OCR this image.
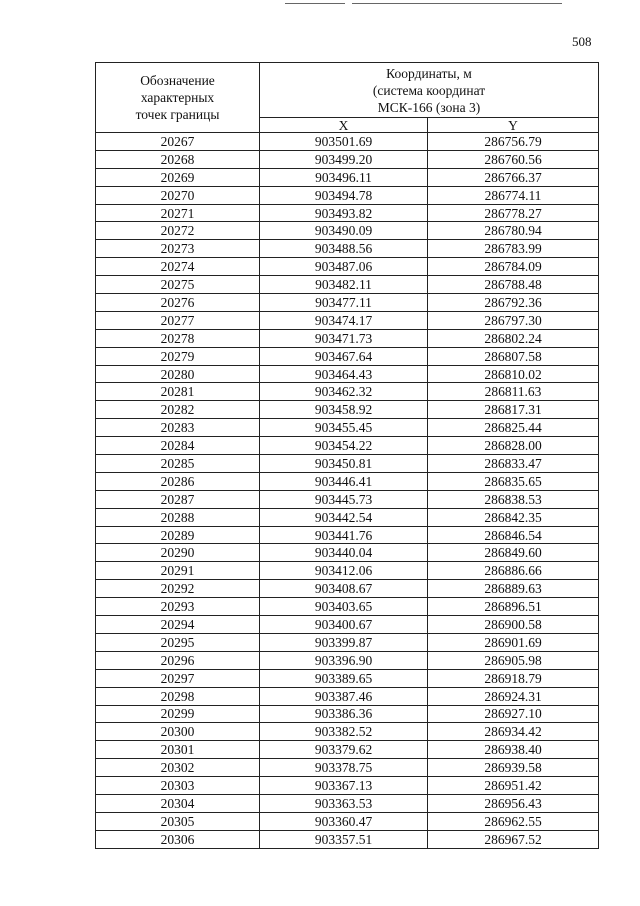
508
Обозначение
характерных
точек границы	Координаты, м
(система координат
МСК-166 (зона 3)	

	X	Y
20267	903501.69	286756.79
20268	903499.20	286760.56
20269	903496.11	286766.37
20270	903494.78	286774.11
20271	903493.82	286778.27
20272	903490.09	286780.94
20273	903488.56	286783.99
20274	903487.06	286784.09
20275	903482.11	286788.48
20276	903477.11	286792.36
20277	903474.17	286797.30
20278	903471.73	286802.24
20279	903467.64	286807.58
20280	903464.43	286810.02
20281	903462.32	286811.63
20282	903458.92	286817.31
20283	903455.45	286825.44
20284	903454.22	286828.00
20285	903450.81	286833.47
20286	903446.41	286835.65
20287	903445.73	286838.53
20288	903442.54	286842.35
20289	903441.76	286846.54
20290	903440.04	286849.60
20291	903412.06	286886.66
20292	903408.67	286889.63
20293	903403.65	286896.51
20294	903400.67	286900.58
20295	903399.87	286901.69
20296	903396.90	286905.98
20297	903389.65	286918.79
20298	903387.46	286924.31
20299	903386.36	286927.10
20300	903382.52	286934.42
20301	903379.62	286938.40
20302	903378.75	286939.58
20303	903367.13	286951.42
20304	903363.53	286956.43
20305	903360.47	286962.55
20306	903357.51	286967.52
